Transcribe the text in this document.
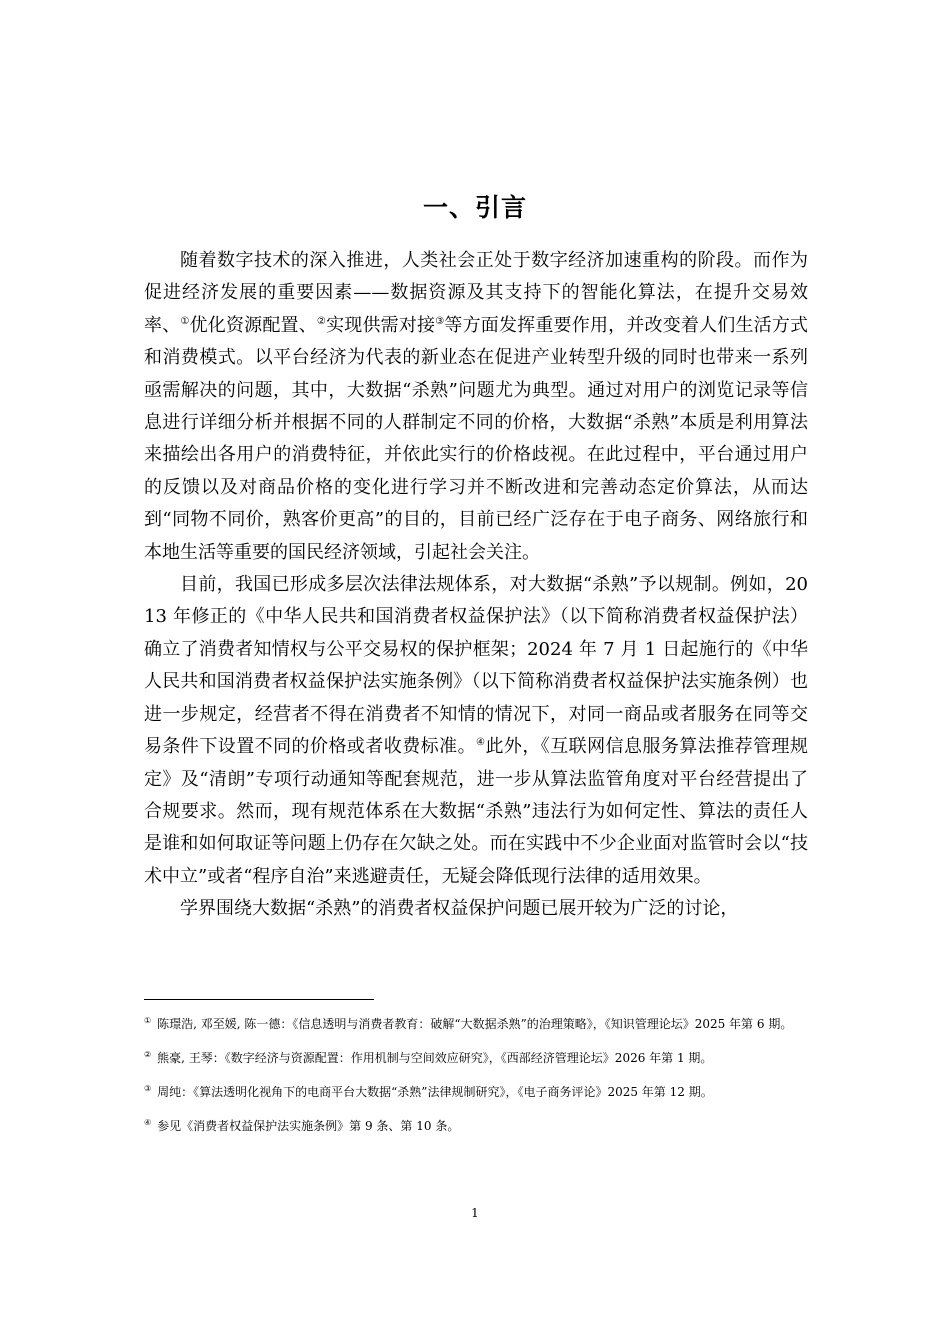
一、引言

随着数字技术的深入推进，人类社会正处于数字经济加速重构的阶段。而作为促进经济发展的重要因素——数据资源及其支持下的智能化算法，在提升交易效率、①优化资源配置、②实现供需对接③等方面发挥重要作用，并改变着人们生活方式和消费模式。以平台经济为代表的新业态在促进产业转型升级的同时也带来一系列亟需解决的问题，其中，大数据“杀熟”问题尤为典型。通过对用户的浏览记录等信息进行详细分析并根据不同的人群制定不同的价格，大数据“杀熟”本质是利用算法来描绘出各用户的消费特征，并依此实行的价格歧视。在此过程中，平台通过用户的反馈以及对商品价格的变化进行学习并不断改进和完善动态定价算法，从而达到“同物不同价，熟客价更高”的目的，目前已经广泛存在于电子商务、网络旅行和本地生活等重要的国民经济领域，引起社会关注。

目前，我国已形成多层次法律法规体系，对大数据“杀熟”予以规制。例如，2013 年修正的《中华人民共和国消费者权益保护法》（以下简称消费者权益保护法）确立了消费者知情权与公平交易权的保护框架；2024 年 7 月 1 日起施行的《中华人民共和国消费者权益保护法实施条例》（以下简称消费者权益保护法实施条例）也进一步规定，经营者不得在消费者不知情的情况下，对同一商品或者服务在同等交易条件下设置不同的价格或者收费标准。④此外，《互联网信息服务算法推荐管理规定》及“清朗”专项行动通知等配套规范，进一步从算法监管角度对平台经营提出了合规要求。然而，现有规范体系在大数据“杀熟”违法行为如何定性、算法的责任人是谁和如何取证等问题上仍存在欠缺之处。而在实践中不少企业面对监管时会以“技术中立”或者“程序自治”来逃避责任，无疑会降低现行法律的适用效果。

学界围绕大数据“杀熟”的消费者权益保护问题已展开较为广泛的讨论，

① 陈璟浩, 邓至媛, 陈一德：《信息透明与消费者教育：破解“大数据杀熟”的治理策略》，《知识管理论坛》2025 年第 6 期。

② 熊豪, 王琴：《数字经济与资源配置：作用机制与空间效应研究》，《西部经济管理论坛》2026 年第 1 期。

③ 周纯：《算法透明化视角下的电商平台大数据“杀熟”法律规制研究》，《电子商务评论》2025 年第 12 期。

④ 参见《消费者权益保护法实施条例》第 9 条、第 10 条。

1
